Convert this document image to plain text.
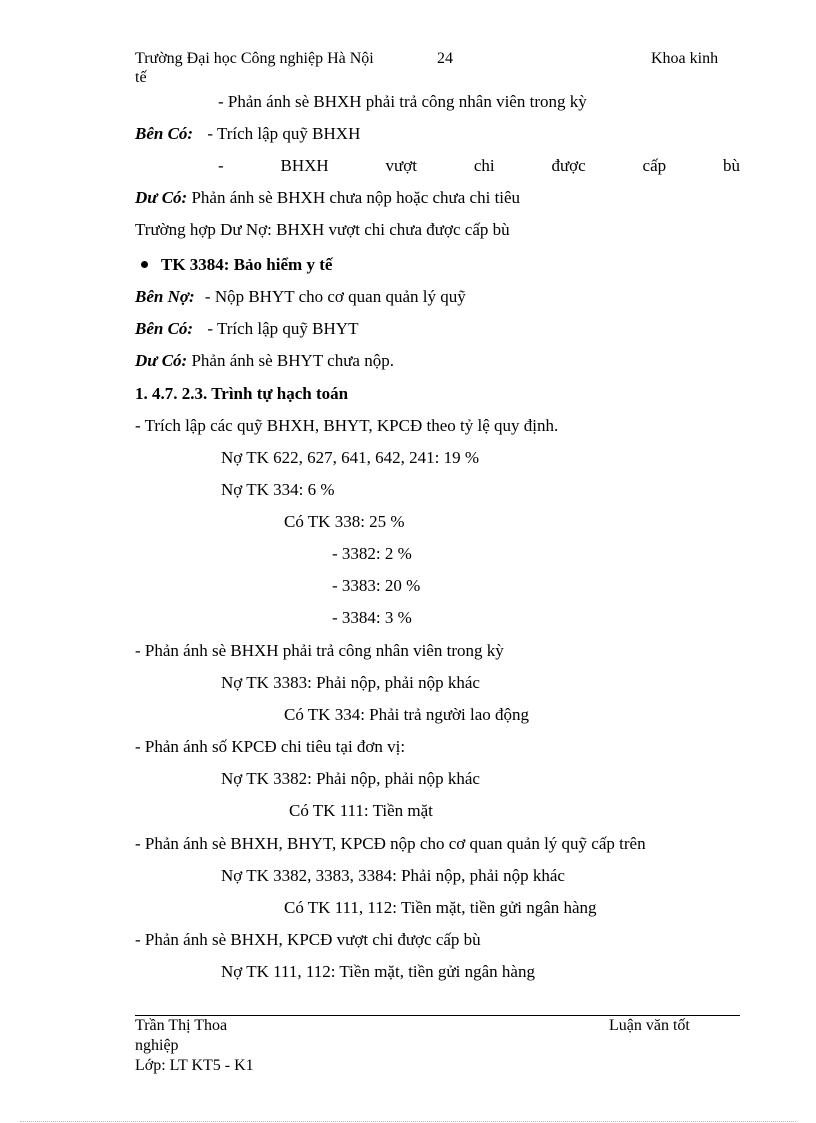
Trường Đại học Công nghiệp Hà Nội	24	Khoa kinh
tế
- Phản ánh sè BHXH phải trả công nhân viên trong kỳ
Bên Có: - Trích lập quỹ BHXH
-	BHXH	vượt	chi	được	cấp	bù
Dư Có: Phản ánh sè BHXH chưa nộp hoặc chưa chi tiêu
Trường hợp Dư Nợ: BHXH vượt chi chưa được cấp bù
TK 3384: Bảo hiểm y tế
Bên Nợ: - Nộp BHYT cho cơ quan quản lý quỹ
Bên Có: - Trích lập quỹ BHYT
Dư Có: Phản ánh sè BHYT chưa nộp.
1. 4.7. 2.3. Trình tự hạch toán
- Trích lập các quỹ BHXH, BHYT, KPCĐ theo tỷ lệ quy định.
Nợ TK 622, 627, 641, 642, 241: 19 %
Nợ TK 334: 6 %
Có TK 338: 25 %
- 3382: 2 %
- 3383: 20 %
- 3384: 3 %
- Phản ánh sè BHXH phải trả công nhân viên trong kỳ
Nợ TK 3383: Phải nộp, phải nộp khác
Có TK 334: Phải trả người lao động
- Phản ánh số KPCĐ chi tiêu tại đơn vị:
Nợ TK 3382: Phải nộp, phải nộp khác
Có TK 111: Tiền mặt
- Phản ánh sè BHXH, BHYT, KPCĐ nộp cho cơ quan quản lý quỹ cấp trên
Nợ TK 3382, 3383, 3384: Phải nộp, phải nộp khác
Có TK 111, 112: Tiền mặt, tiền gửi ngân hàng
- Phản ánh sè BHXH, KPCĐ vượt chi được cấp bù
Nợ TK 111, 112: Tiền mặt, tiền gửi ngân hàng
Trần Thị Thoa	Luận văn tốt
nghiệp
Lớp: LT KT5 - K1
